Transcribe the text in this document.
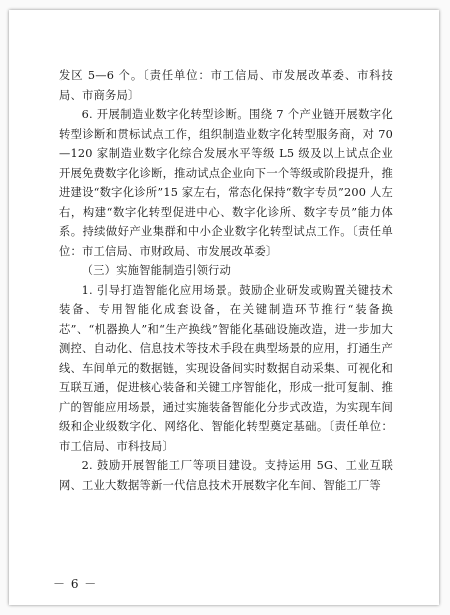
发区 5—6 个。〔责任单位：市工信局、市发展改革委、市科技局、市商务局〕

6. 开展制造业数字化转型诊断。围绕 7 个产业链开展数字化转型诊断和贯标试点工作，组织制造业数字化转型服务商，对 70—120 家制造业数字化综合发展水平等级 L5 级及以上试点企业开展免费数字化诊断，推动试点企业向下一个等级或阶段提升，推进建设“数字化诊所”15 家左右，常态化保持“数字专员”200 人左右，构建“数字化转型促进中心、数字化诊所、数字专员”能力体系。持续做好产业集群和中小企业数字化转型试点工作。〔责任单位：市工信局、市财政局、市发展改革委〕

（三）实施智能制造引领行动

1. 引导打造智能化应用场景。鼓励企业研发或购置关键技术装备、专用智能化成套设备，在关键制造环节推行“装备换芯”、“机器换人”和“生产换线”智能化基础设施改造，进一步加大测控、自动化、信息技术等技术手段在典型场景的应用，打通生产线、车间单元的数据链，实现设备间实时数据自动采集、可视化和互联互通，促进核心装备和关键工序智能化，形成一批可复制、推广的智能应用场景，通过实施装备智能化分步式改造，为实现车间级和企业级数字化、网络化、智能化转型奠定基础。〔责任单位：市工信局、市科技局〕

2. 鼓励开展智能工厂等项目建设。支持运用 5G、工业互联网、工业大数据等新一代信息技术开展数字化车间、智能工厂等

－ 6 －
